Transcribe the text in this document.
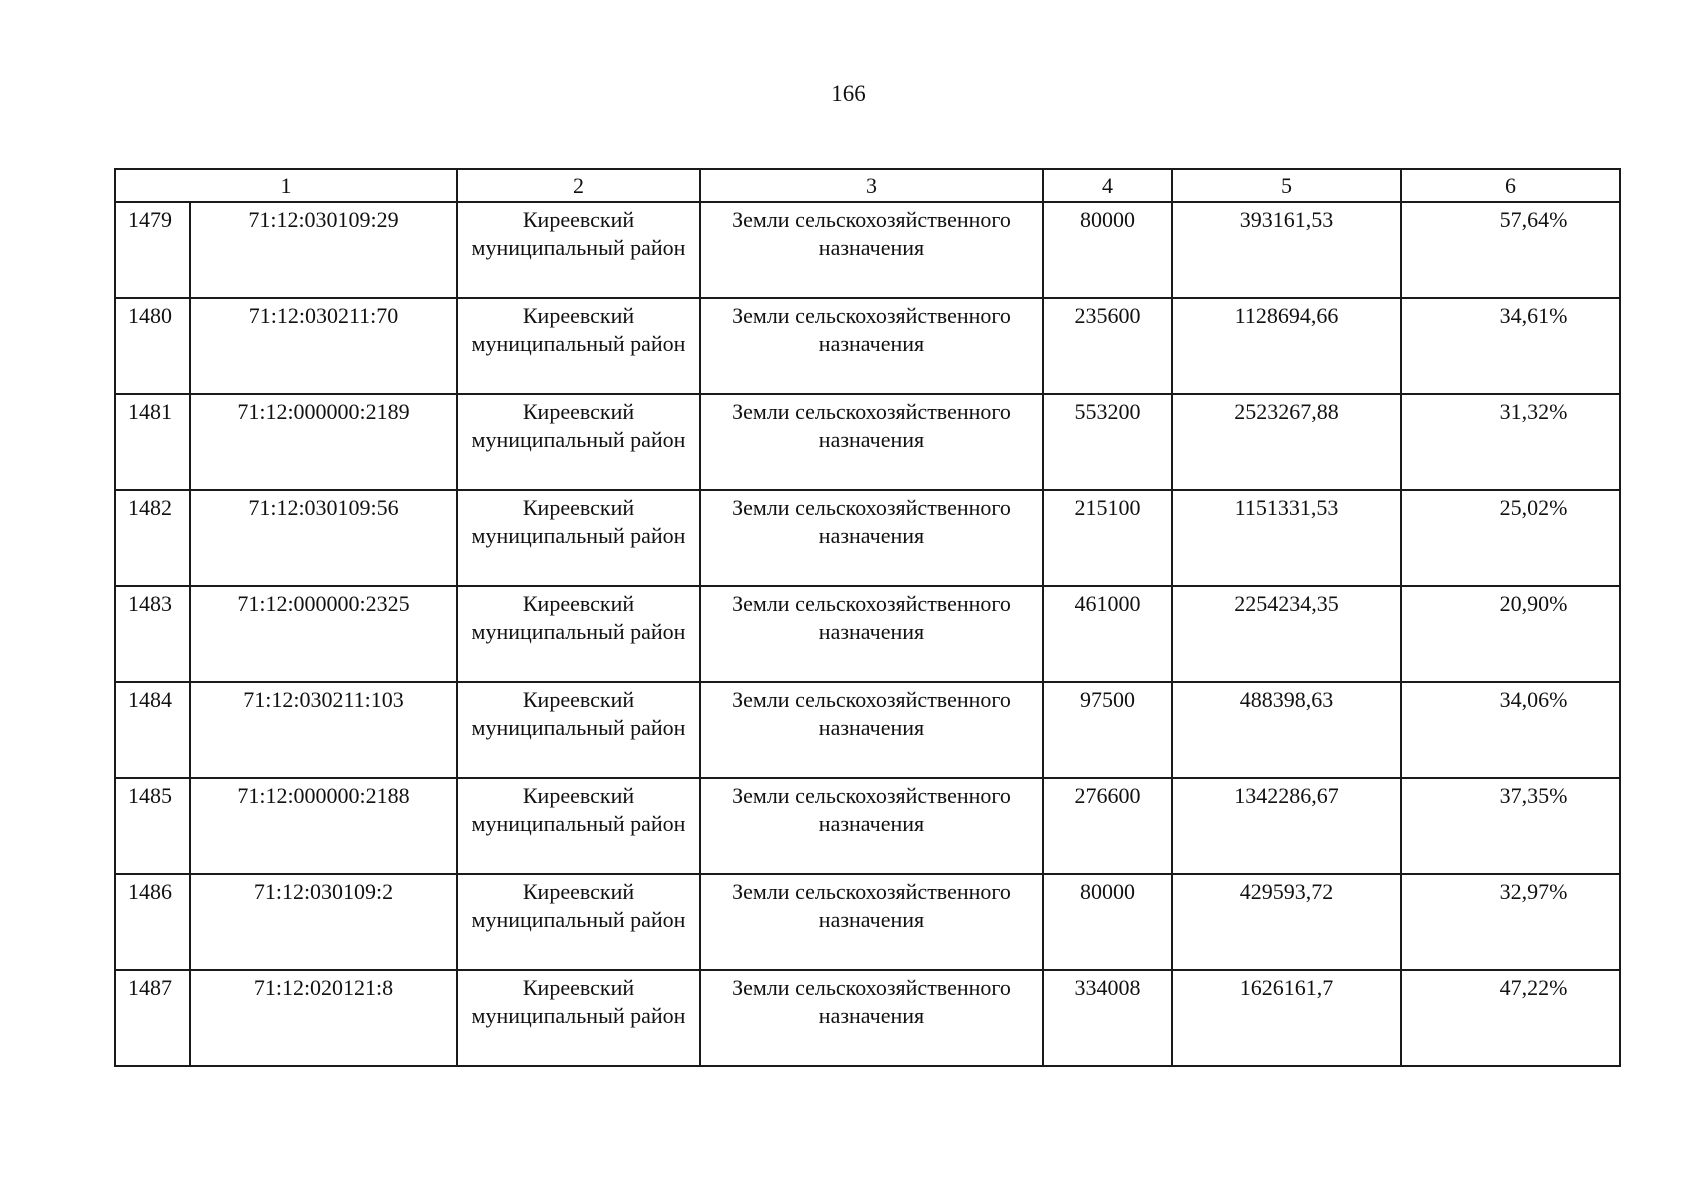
166
1		2	3	4	5	6
1479	71:12:030109:29	Киреевский муниципальный район	Земли сельскохозяйственного назначения	80000	393161,53	57,64%
1480	71:12:030211:70	Киреевский муниципальный район	Земли сельскохозяйственного назначения	235600	1128694,66	34,61%
1481	71:12:000000:2189	Киреевский муниципальный район	Земли сельскохозяйственного назначения	553200	2523267,88	31,32%
1482	71:12:030109:56	Киреевский муниципальный район	Земли сельскохозяйственного назначения	215100	1151331,53	25,02%
1483	71:12:000000:2325	Киреевский муниципальный район	Земли сельскохозяйственного назначения	461000	2254234,35	20,90%
1484	71:12:030211:103	Киреевский муниципальный район	Земли сельскохозяйственного назначения	97500	488398,63	34,06%
1485	71:12:000000:2188	Киреевский муниципальный район	Земли сельскохозяйственного назначения	276600	1342286,67	37,35%
1486	71:12:030109:2	Киреевский муниципальный район	Земли сельскохозяйственного назначения	80000	429593,72	32,97%
1487	71:12:020121:8	Киреевский муниципальный район	Земли сельскохозяйственного назначения	334008	1626161,7	47,22%
